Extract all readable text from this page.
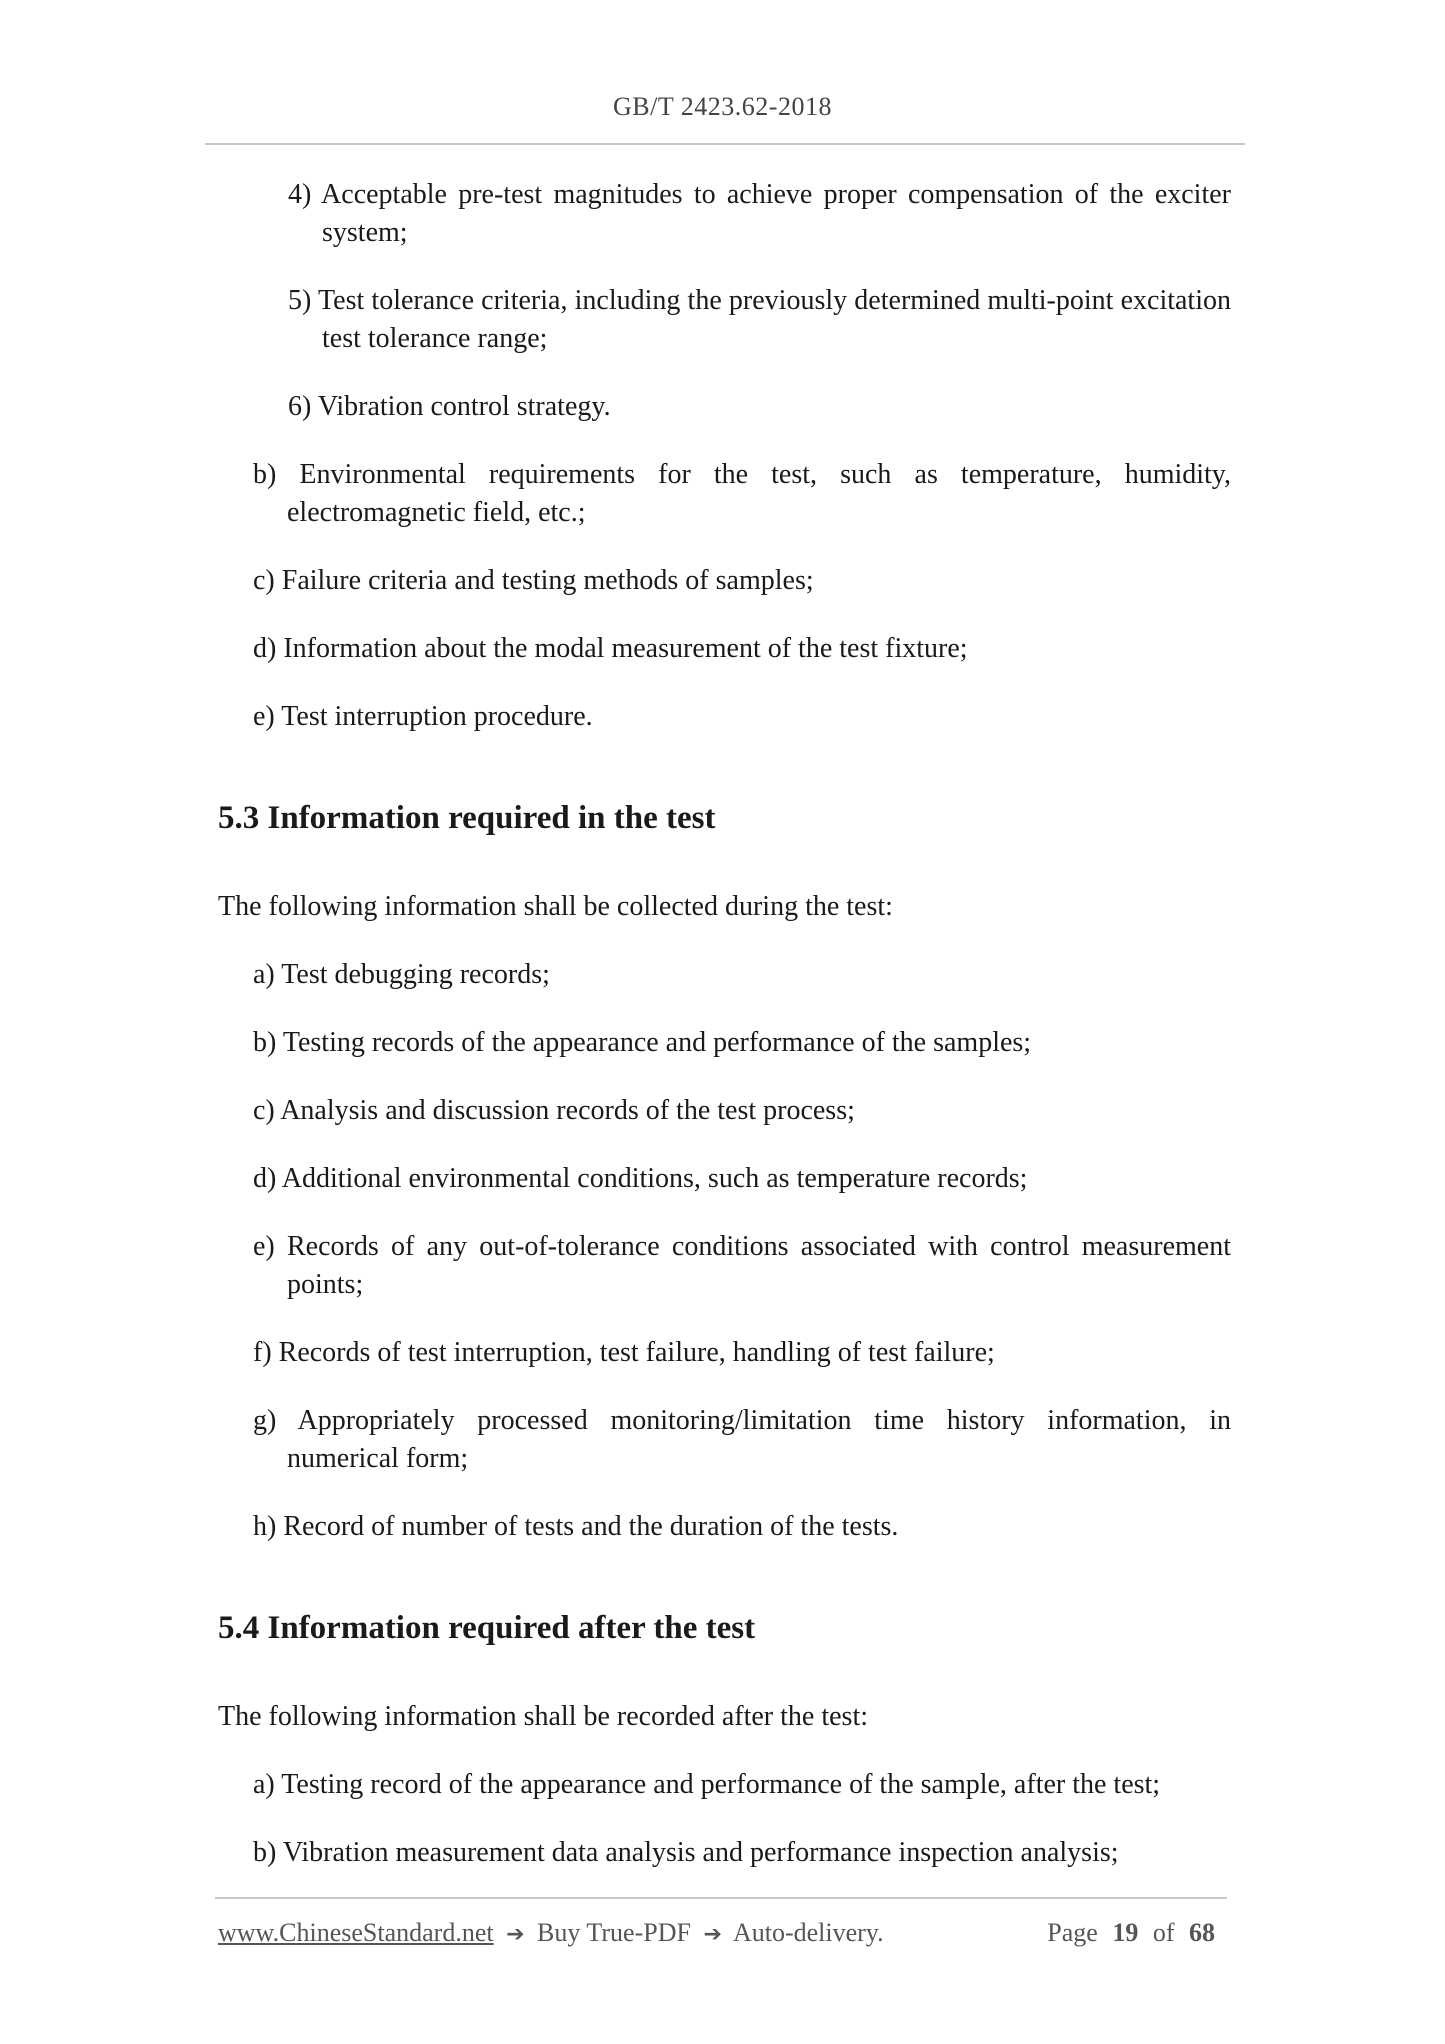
GB/T 2423.62-2018
4) Acceptable pre-test magnitudes to achieve proper compensation of the exciter system;
5) Test tolerance criteria, including the previously determined multi-point excitation test tolerance range;
6) Vibration control strategy.
b) Environmental requirements for the test, such as temperature, humidity, electromagnetic field, etc.;
c) Failure criteria and testing methods of samples;
d) Information about the modal measurement of the test fixture;
e) Test interruption procedure.
5.3 Information required in the test
The following information shall be collected during the test:
a) Test debugging records;
b) Testing records of the appearance and performance of the samples;
c) Analysis and discussion records of the test process;
d) Additional environmental conditions, such as temperature records;
e) Records of any out-of-tolerance conditions associated with control measurement points;
f) Records of test interruption, test failure, handling of test failure;
g) Appropriately processed monitoring/limitation time history information, in numerical form;
h) Record of number of tests and the duration of the tests.
5.4 Information required after the test
The following information shall be recorded after the test:
a) Testing record of the appearance and performance of the sample, after the test;
b) Vibration measurement data analysis and performance inspection analysis;
www.ChineseStandard.net ➔ Buy True-PDF ➔ Auto-delivery.	Page 19 of 68
